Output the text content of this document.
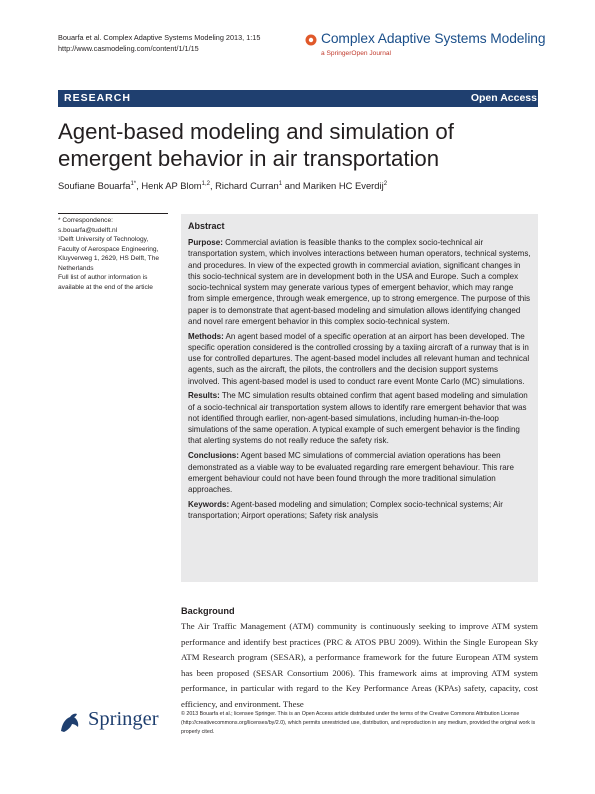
Bouarfa et al. Complex Adaptive Systems Modeling 2013, 1:15
http://www.casmodeling.com/content/1/1/15
Complex Adaptive Systems Modeling
a SpringerOpen Journal
RESEARCH	Open Access
Agent-based modeling and simulation of
emergent behavior in air transportation
Soufiane Bouarfa$^{1*}$, Henk AP Blom$^{1,2}$, Richard Curran$^1$ and Mariken HC Everdij$^2$
* Correspondence:
s.bouarfa@tudelft.nl
¹Delft University of Technology,
Faculty of Aerospace Engineering,
Kluyverweg 1, 2629, HS Delft, The
Netherlands
Full list of author information is
available at the end of the article
Abstract

Purpose: Commercial aviation is feasible thanks to the complex socio-technical air transportation system, which involves interactions between human operators, technical systems, and procedures. In view of the expected growth in commercial aviation, significant changes in this socio-technical system are in development both in the USA and Europe. Such a complex socio-technical system may generate various types of emergent behavior, which may range from simple emergence, through weak emergence, up to strong emergence. The purpose of this paper is to demonstrate that agent-based modeling and simulation allows identifying changed and novel rare emergent behavior in this complex socio-technical system.

Methods: An agent based model of a specific operation at an airport has been developed. The specific operation considered is the controlled crossing by a taxiing aircraft of a runway that is in use for controlled departures. The agent-based model includes all relevant human and technical agents, such as the aircraft, the pilots, the controllers and the decision support systems involved. This agent-based model is used to conduct rare event Monte Carlo (MC) simulations.

Results: The MC simulation results obtained confirm that agent based modeling and simulation of a socio-technical air transportation system allows to identify rare emergent behavior that was not identified through earlier, non-agent-based simulations, including human-in-the-loop simulations of the same operation. A typical example of such emergent behavior is the finding that alerting systems do not really reduce the safety risk.

Conclusions: Agent based MC simulations of commercial aviation operations has been demonstrated as a viable way to be evaluated regarding rare emergent behaviour. This rare emergent behaviour could not have been found through the more traditional simulation approaches.

Keywords: Agent-based modeling and simulation; Complex socio-technical systems; Air transportation; Airport operations; Safety risk analysis

Background

The Air Traffic Management (ATM) community is continuously seeking to improve ATM system performance and identify best practices (PRC & ATOS PBU 2009). Within the Single European Sky ATM Research program (SESAR), a performance framework for the future European ATM system has been proposed (SESAR Consortium 2006). This framework aims at improving ATM system performance, in particular with regard to the Key Performance Areas (KPAs) safety, capacity, cost efficiency, and environment. These

Springer	© 2013 Bouarfa et al.; licensee Springer. This is an Open Access article distributed under the terms of the Creative Commons Attribution License (http://creativecommons.org/licenses/by/2.0), which permits unrestricted use, distribution, and reproduction in any medium, provided the original work is properly cited.
